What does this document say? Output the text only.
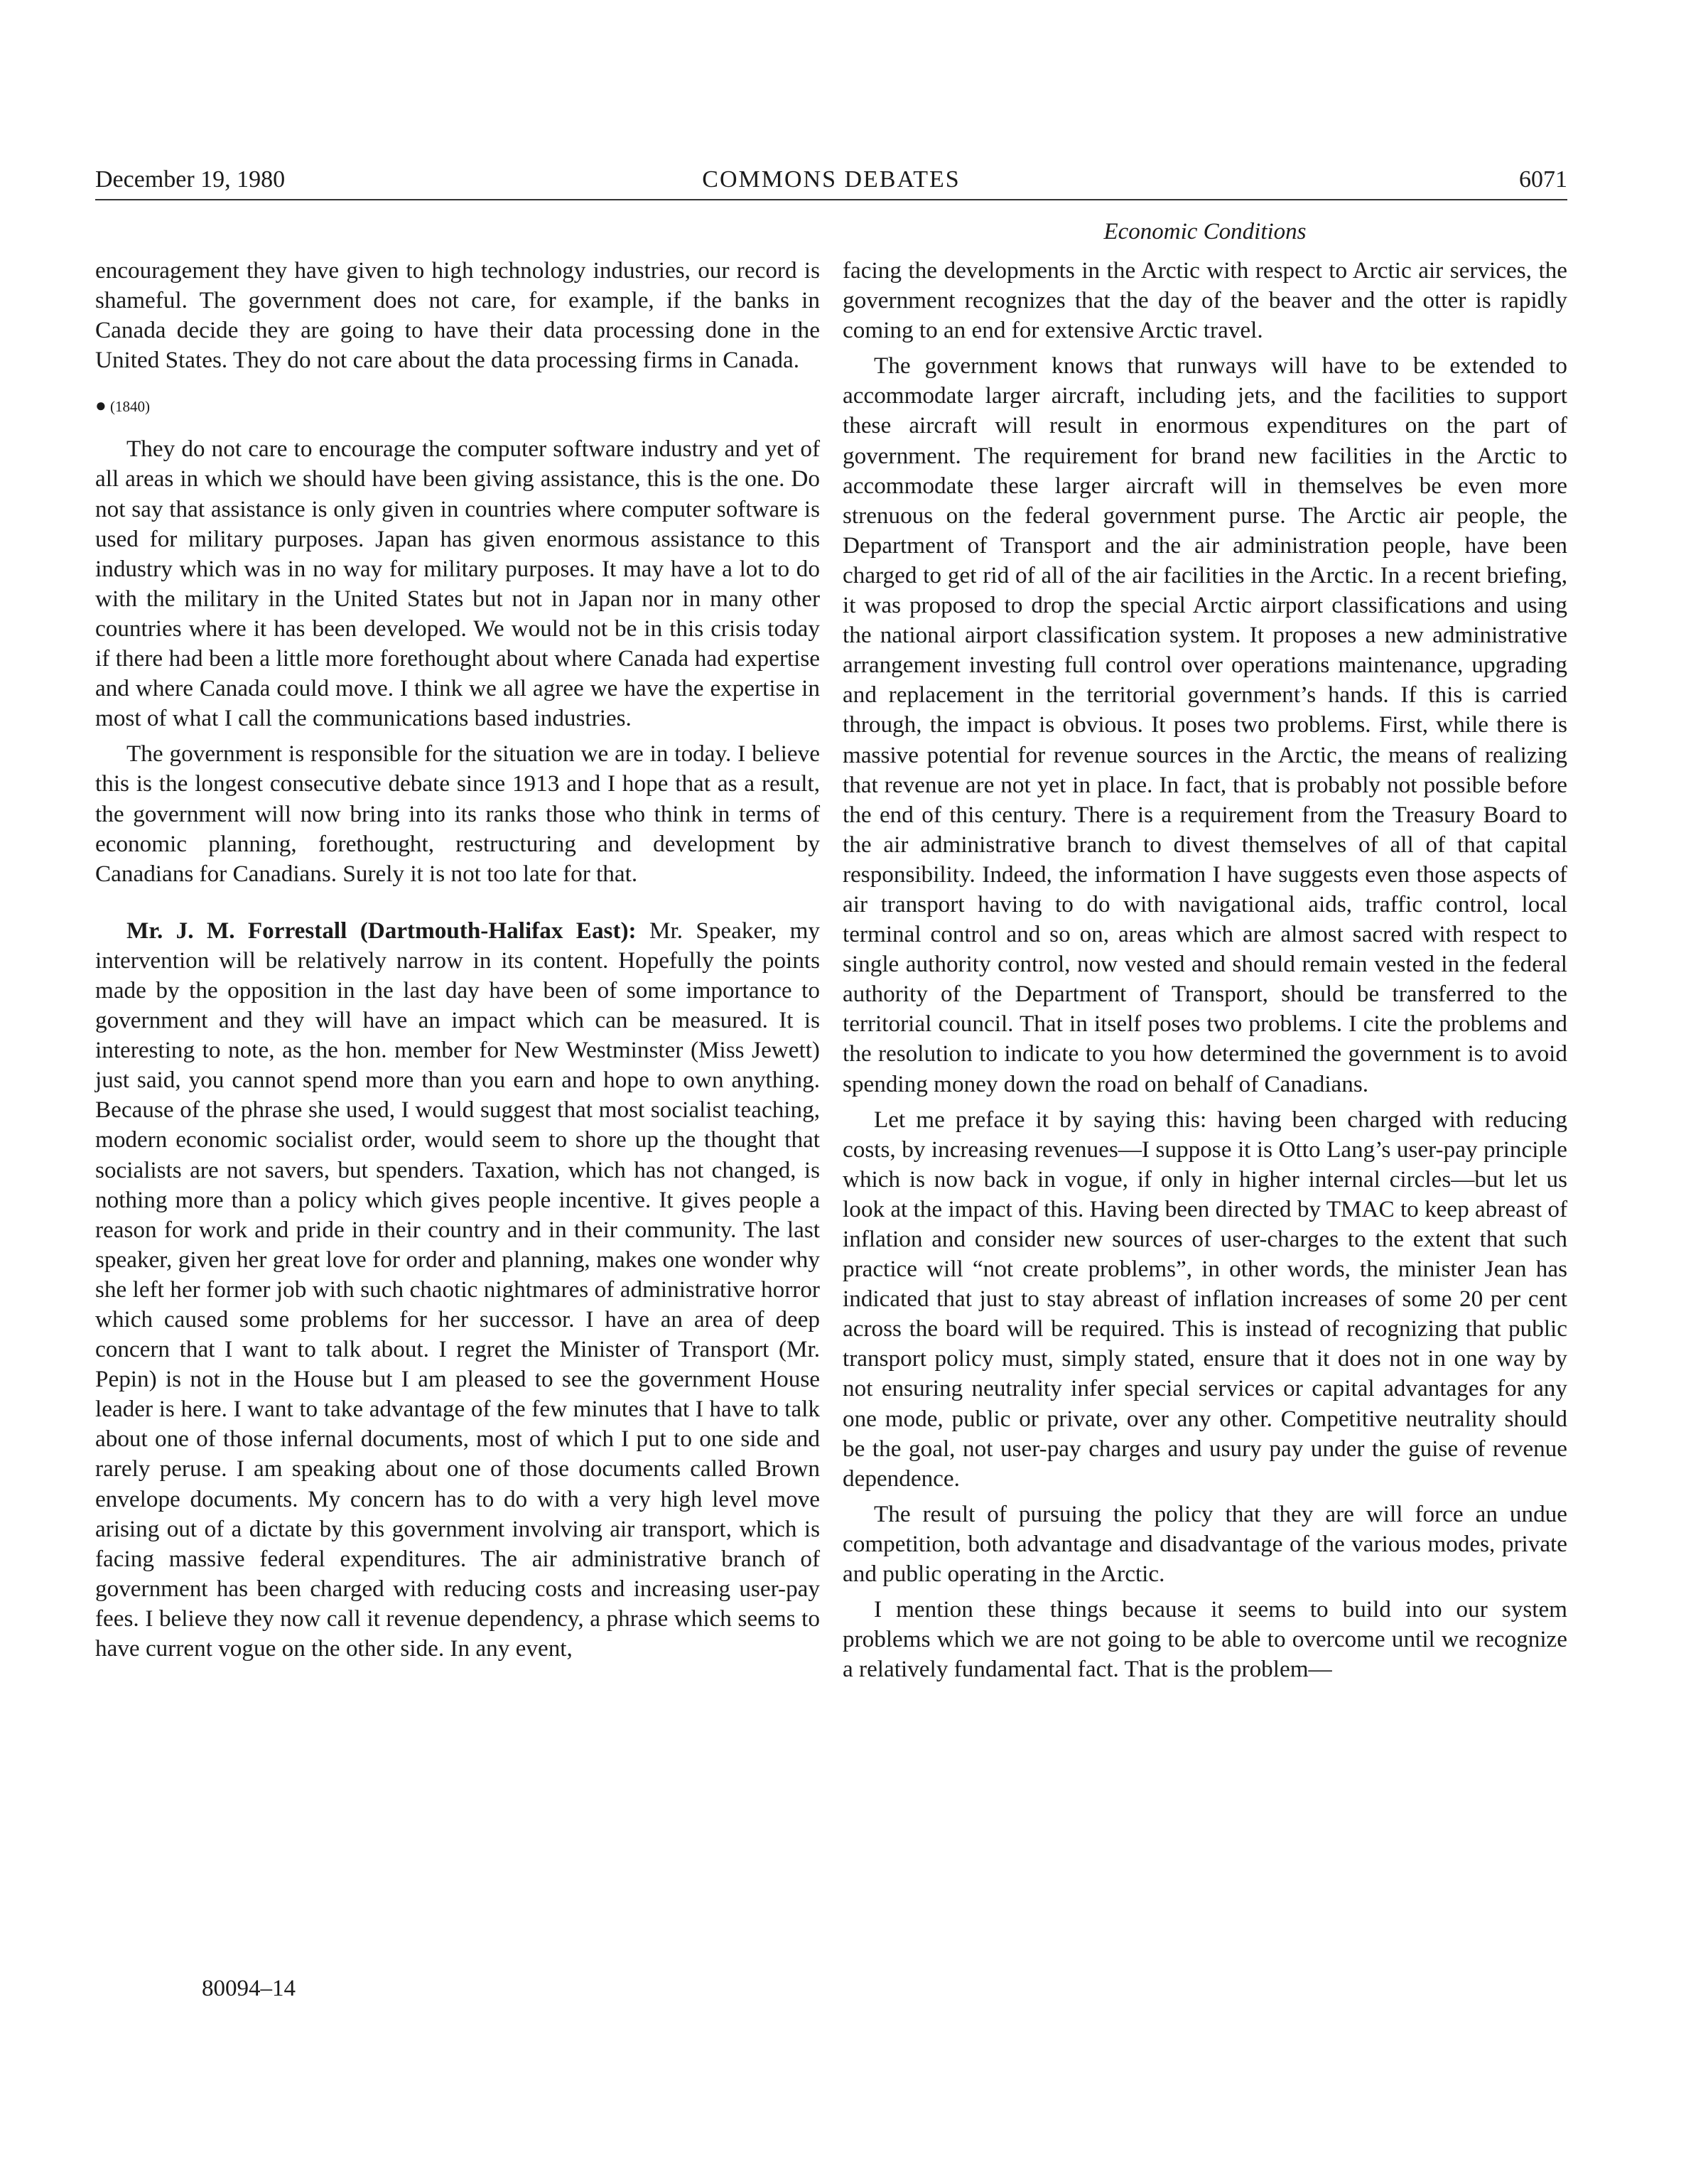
December 19, 1980	COMMONS DEBATES	6071
Economic Conditions

encouragement they have given to high technology industries, our record is shameful. The government does not care, for example, if the banks in Canada decide they are going to have their data processing done in the United States. They do not care about the data processing firms in Canada.

● (1840)

They do not care to encourage the computer software industry and yet of all areas in which we should have been giving assistance, this is the one. Do not say that assistance is only given in countries where computer software is used for military purposes. Japan has given enormous assistance to this industry which was in no way for military purposes. It may have a lot to do with the military in the United States but not in Japan nor in many other countries where it has been developed. We would not be in this crisis today if there had been a little more forethought about where Canada had expertise and where Canada could move. I think we all agree we have the expertise in most of what I call the communications based industries.

The government is responsible for the situation we are in today. I believe this is the longest consecutive debate since 1913 and I hope that as a result, the government will now bring into its ranks those who think in terms of economic planning, forethought, restructuring and development by Canadians for Canadians. Surely it is not too late for that.

Mr. J. M. Forrestall (Dartmouth-Halifax East): Mr. Speaker, my intervention will be relatively narrow in its content. Hopefully the points made by the opposition in the last day have been of some importance to government and they will have an impact which can be measured. It is interesting to note, as the hon. member for New Westminster (Miss Jewett) just said, you cannot spend more than you earn and hope to own anything. Because of the phrase she used, I would suggest that most socialist teaching, modern economic socialist order, would seem to shore up the thought that socialists are not savers, but spenders. Taxation, which has not changed, is nothing more than a policy which gives people incentive. It gives people a reason for work and pride in their country and in their community. The last speaker, given her great love for order and planning, makes one wonder why she left her former job with such chaotic nightmares of administrative horror which caused some problems for her successor. I have an area of deep concern that I want to talk about. I regret the Minister of Transport (Mr. Pepin) is not in the House but I am pleased to see the government House leader is here. I want to take advantage of the few minutes that I have to talk about one of those infernal documents, most of which I put to one side and rarely peruse. I am speaking about one of those documents called Brown envelope documents. My concern has to do with a very high level move arising out of a dictate by this government involving air transport, which is facing massive federal expenditures. The air administrative branch of government has been charged with reducing costs and increasing user-pay fees. I believe they now call it revenue dependency, a phrase which seems to have current vogue on the other side. In any event,

facing the developments in the Arctic with respect to Arctic air services, the government recognizes that the day of the beaver and the otter is rapidly coming to an end for extensive Arctic travel.

The government knows that runways will have to be extended to accommodate larger aircraft, including jets, and the facilities to support these aircraft will result in enormous expenditures on the part of government. The requirement for brand new facilities in the Arctic to accommodate these larger aircraft will in themselves be even more strenuous on the federal government purse. The Arctic air people, the Department of Transport and the air administration people, have been charged to get rid of all of the air facilities in the Arctic. In a recent briefing, it was proposed to drop the special Arctic airport classifications and using the national airport classification system. It proposes a new administrative arrangement investing full control over operations maintenance, upgrading and replacement in the territorial government’s hands. If this is carried through, the impact is obvious. It poses two problems. First, while there is massive potential for revenue sources in the Arctic, the means of realizing that revenue are not yet in place. In fact, that is probably not possible before the end of this century. There is a requirement from the Treasury Board to the air administrative branch to divest themselves of all of that capital responsibility. Indeed, the information I have suggests even those aspects of air transport having to do with navigational aids, traffic control, local terminal control and so on, areas which are almost sacred with respect to single authority control, now vested and should remain vested in the federal authority of the Department of Transport, should be transferred to the territorial council. That in itself poses two problems. I cite the problems and the resolution to indicate to you how determined the government is to avoid spending money down the road on behalf of Canadians.

Let me preface it by saying this: having been charged with reducing costs, by increasing revenues—I suppose it is Otto Lang’s user-pay principle which is now back in vogue, if only in higher internal circles—but let us look at the impact of this. Having been directed by TMAC to keep abreast of inflation and consider new sources of user-charges to the extent that such practice will “not create problems”, in other words, the minister Jean has indicated that just to stay abreast of inflation increases of some 20 per cent across the board will be required. This is instead of recognizing that public transport policy must, simply stated, ensure that it does not in one way by not ensuring neutrality infer special services or capital advantages for any one mode, public or private, over any other. Competitive neutrality should be the goal, not user-pay charges and usury pay under the guise of revenue dependence.

The result of pursuing the policy that they are will force an undue competition, both advantage and disadvantage of the various modes, private and public operating in the Arctic.

I mention these things because it seems to build into our system problems which we are not going to be able to overcome until we recognize a relatively fundamental fact. That is the problem—

80094–14
